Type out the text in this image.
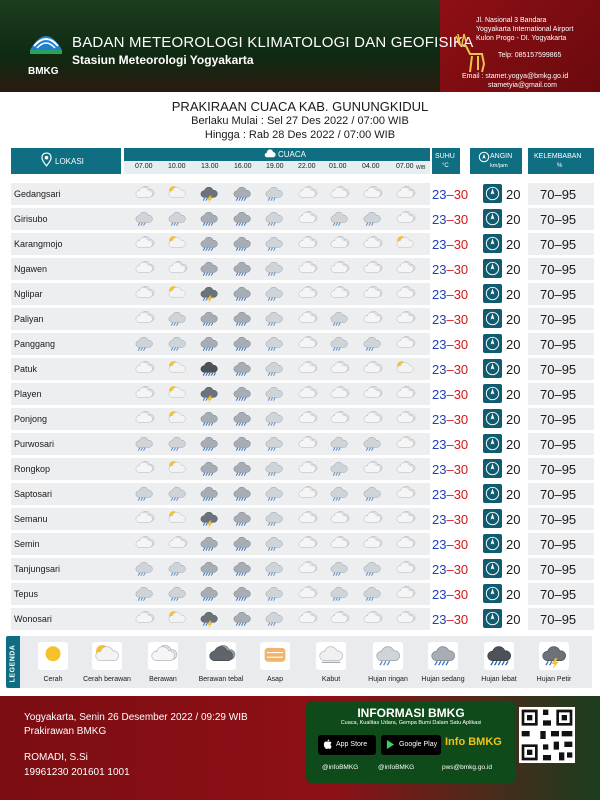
BMKG
BADAN METEOROLOGI KLIMATOLOGI DAN GEOFISIKA
Stasiun Meteorologi Yogyakarta
Jl. Nasional 3 Bandara
Yogyakarta International Airport
Kulon Progo - DI. Yogyakarta
Telp: 085157599865
Email : stamet.yogya@bmkg.go.id
stametyia@gmail.com
PRAKIRAAN CUACA KAB. GUNUNGKIDUL
Berlaku Mulai : Sel 27 Des 2022 / 07:00 WIB
Hingga : Rab 28 Des 2022 / 07:00 WIB
LOKASI
CUACA	SUHU
°C
ANGIN
km/jam
KELEMBABAN
%
07.00 10.00 13.00 16.00 19.00 22.00 01.00 04.00 07.00 WIB
Gedangsari	23–30	20 70–95
Girisubo	23–30	20 70–95
Karangmojo	23–30	20 70–95
Ngawen	23–30	20 70–95
Nglipar	23–30	20 70–95
Paliyan	23–30	20 70–95
Panggang	23–30	20 70–95
Patuk	23–30	20 70–95
Playen	23–30	20 70–95
Ponjong	23–30	20 70–95
Purwosari	23–30	20 70–95
Rongkop	23–30	20 70–95
Saptosari	23–30	20 70–95
Semanu	23–30	20 70–95
Semin	23–30	20 70–95
Tanjungsari	23–30	20 70–95
Tepus	23–30	20 70–95
Wonosari	23–30	20 70–95
LEGENDA	Cerah	Cerah berawan	Berawan	Berawan tebal	Asap	Kabut	Hujan ringan	Hujan sedang	Hujan lebat	Hujan Petir
Yogyakarta, Senin 26 Desember 2022 / 09:29 WIB
Prakirawan BMKG
ROMADI, S.Si
19961230 201601 1001
INFORMASI BMKG
Cuaca, Kualitas Udara, Gempa Bumi Dalam Satu Aplikasi
App Store	Google Play Info BMKG
@infoBMKG	@infoBMKG	pws@bmkg.go.id
